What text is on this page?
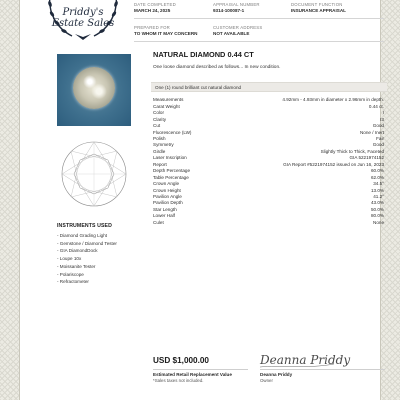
Priddy's
Estate Sales
DATE COMPLETED
MARCH 24, 2025
APPRAISAL NUMBER
9314-100087-1
DOCUMENT FUNCTION
INSURANCE APPRAISAL
PREPARED FOR
TO WHOM IT MAY CONCERN
CUSTOMER ADDRESS
NOT AVAILABLE
NATURAL DIAMOND 0.44 CT
One loose diamond described as follows... In new condition.
One (1) round brilliant cut natural diamond
Measurements	4.92mm - 4.93mm in diameter x 2.96mm in depth.
Carat Weight	0.44 ct.
Color	I
Clarity	I3
Cut	Good
Fluorescence (LW)	None / Inert
Polish	Fair
Symmetry	Good
Girdle	Slightly Thick to Thick, Faceted
Laser Inscription	GIA 5221974152
Report	GIA Report #5221974152 issued on Jun 16, 2023
Depth Percentage	60.0%
Table Percentage	62.0%
Crown Angle	34.5°
Crown Height	13.0%
Pavilion Angle	41.2°
Pavilion Depth	43.0%
Star Length	50.0%
Lower Half	80.0%
Culet	None
INSTRUMENTS USED
- Diamond Grading Light
- Gemstone / Diamond Tester
- GIA DiamondDock
- Loupe 10x
- Moissanite Tester
- Polariscope
- Refractometer
USD $1,000.00
Estimated Retail Replacement Value
*Sales taxes not included.
Deanna Priddy
Deanna Priddy
Owner
